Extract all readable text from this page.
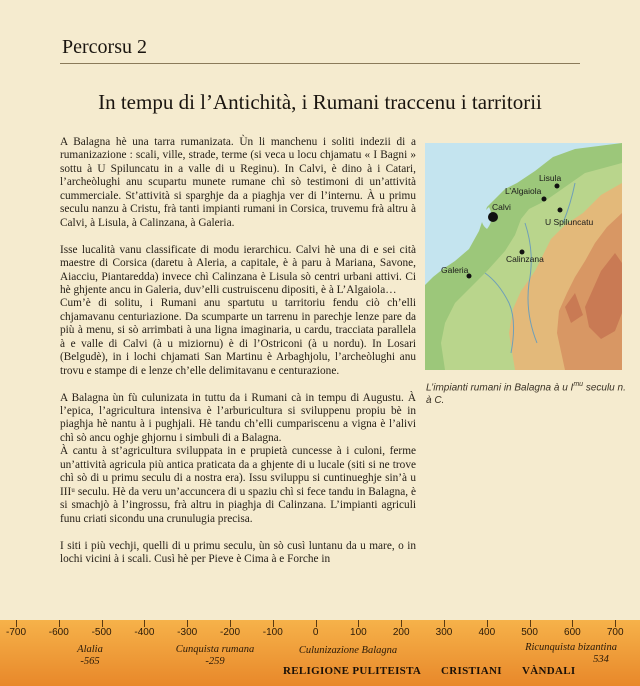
Percorsu 2
In tempu di l’Antichità, i Rumani traccenu i tarritorii

A Balagna hè una tarra rumanizata. Ùn li manchenu i soliti indezii di a rumanizazione : scali, ville, strade, terme (si veca u locu chjamatu « I Bagni » sottu à U Spiluncatu in a valle di u Reginu). In Calvi, è dino à i Catari, l’archeòlughi anu scupartu munete rumane chì sò testimoni di un’attività cummerciale. St’attività si sparghje da a piaghja ver di l’internu. À u primu seculu nanzu à Cristu, frà tanti impianti rumani in Corsica, truvemu frà altru à Calvi, à Lisula, à Calinzana, à Galeria.

Isse lucalità vanu classificate di modu ierarchicu. Calvi hè una di e sei cità maestre di Corsica (daretu à Aleria, a capitale, è à paru à Mariana, Savone, Aiacciu, Piantaredda) invece chì Calinzana è Lisula sò centri urbani attivi. Ci hè ghjente ancu in Galeria, duv’elli custruiscenu dipositi, è à L’Algaiola…

Cum’è di solitu, i Rumani anu spartutu u tarritoriu fendu ciò ch’elli chjamavanu centuriazione. Da scumparte un tarrenu in parechje lenze pare da più à menu, si sò arrimbati à una ligna imaginaria, u cardu, tracciata parallela à e valle di Calvi (à u miziornu) è di l’Ostriconi (à u nordu). In Losari (Belgudè), in i lochi chjamati San Martinu è Arbaghjolu, l’archeòlughi anu trovu e stampe di e lenze ch’elle delimitavanu e centurazione.

A Balagna ùn fù culunizata in tuttu da i Rumani cà in tempu di Augustu. À l’epica, l’agricultura intensiva è l’arburicultura si sviluppenu propiu bè in piaghja hè nantu à i pughjali. Hè tandu ch’elli cumpariscenu a vigna è l’alivi chì sò ancu oghje ghjornu i simbuli di a Balagna.

À cantu à st’agricultura sviluppata in e prupietà cuncesse à i culoni, ferme un’attività agricula più antica praticata da a ghjente di u lucale (siti si ne trove chì sò di u primu seculu di a nostra era). Issu sviluppu si cuntinueghje sin’à u IIIᵘ seculu. Hè da veru un’accuncera di u spaziu chì si fece tandu in Balagna, è si smachjò à l’ingrossu, frà altru in piaghja di Calinzana. L’impianti agriculi funu criati sicondu una crunulugia precisa.

I siti i più vechji, quelli di u primu seculu, ùn sò cusì luntanu da u mare, o in lochi vicini à i scali. Cusì hè per Pieve è Cima à e Forche in

Lisula
L’Algaiola
Calvi
U Spiluncatu
Calinzana
Galeria
L’impianti rumani in Balagna à u $I^{mu}$ seculu n. à C.
-700	-600	-500	-400	-300	-200	-100	0	100	200	300	400	500	600	700
Alalia
-565
Cunquista rumana
-259
Culunizazione Balagna	Ricunquista bizantina
534
RELIGIONE PULITEISTA CRISTIANI VÀNDALI
